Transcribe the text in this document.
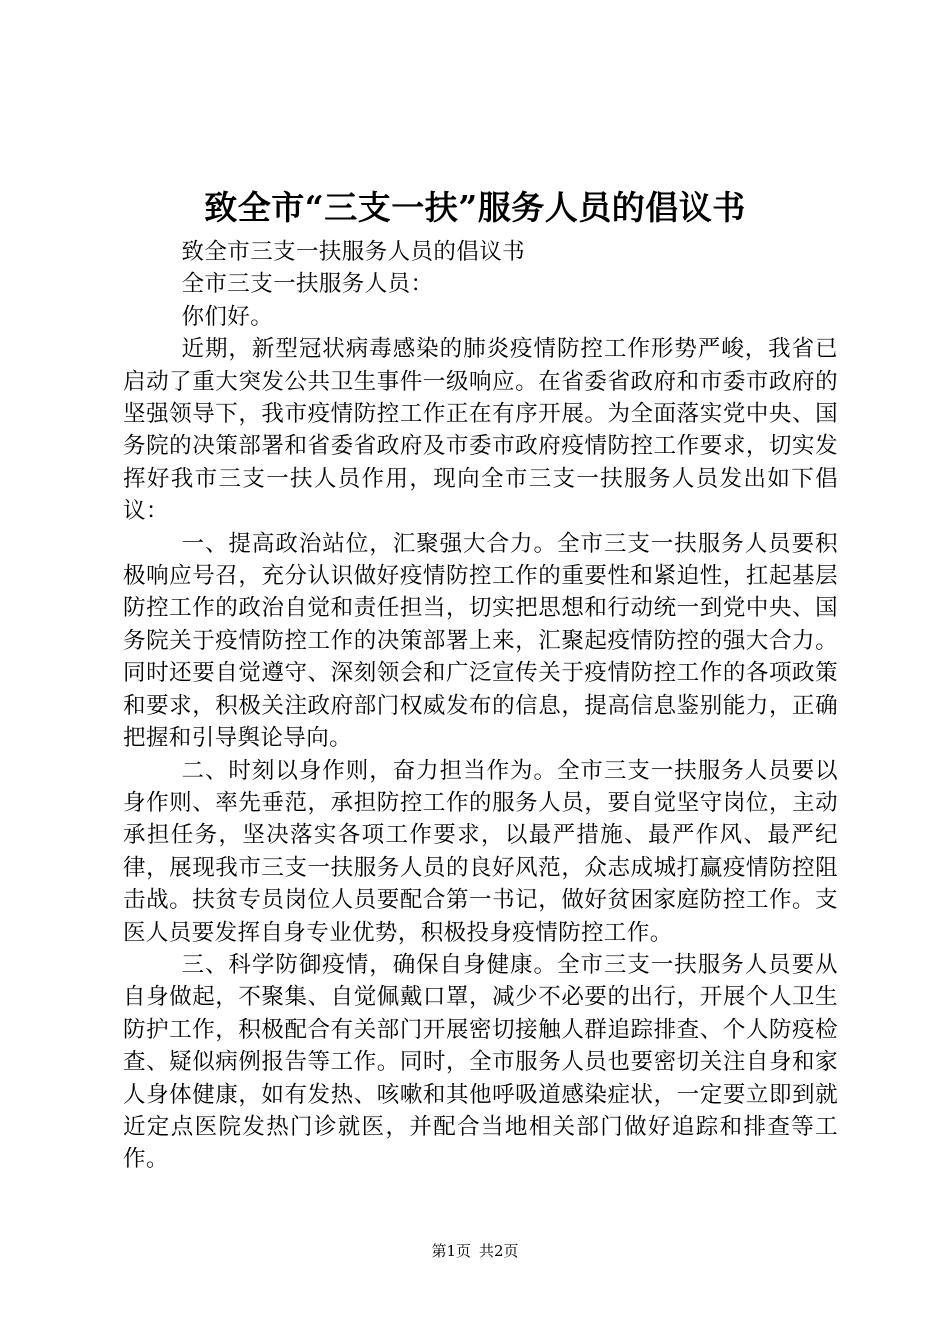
致全市“三支一扶”服务人员的倡议书

致全市三支一扶服务人员的倡议书

全市三支一扶服务人员：

你们好。

近期，新型冠状病毒感染的肺炎疫情防控工作形势严峻，我省已启动了重大突发公共卫生事件一级响应。在省委省政府和市委市政府的坚强领导下，我市疫情防控工作正在有序开展。为全面落实党中央、国务院的决策部署和省委省政府及市委市政府疫情防控工作要求，切实发挥好我市三支一扶人员作用，现向全市三支一扶服务人员发出如下倡议：

一、提高政治站位，汇聚强大合力。全市三支一扶服务人员要积极响应号召，充分认识做好疫情防控工作的重要性和紧迫性，扛起基层防控工作的政治自觉和责任担当，切实把思想和行动统一到党中央、国务院关于疫情防控工作的决策部署上来，汇聚起疫情防控的强大合力。同时还要自觉遵守、深刻领会和广泛宣传关于疫情防控工作的各项政策和要求，积极关注政府部门权威发布的信息，提高信息鉴别能力，正确把握和引导舆论导向。

二、时刻以身作则，奋力担当作为。全市三支一扶服务人员要以身作则、率先垂范，承担防控工作的服务人员，要自觉坚守岗位，主动承担任务，坚决落实各项工作要求，以最严措施、最严作风、最严纪律，展现我市三支一扶服务人员的良好风范，众志成城打赢疫情防控阻击战。扶贫专员岗位人员要配合第一书记，做好贫困家庭防控工作。支医人员要发挥自身专业优势，积极投身疫情防控工作。

三、科学防御疫情，确保自身健康。全市三支一扶服务人员要从自身做起，不聚集、自觉佩戴口罩，减少不必要的出行，开展个人卫生防护工作，积极配合有关部门开展密切接触人群追踪排查、个人防疫检查、疑似病例报告等工作。同时，全市服务人员也要密切关注自身和家人身体健康，如有发热、咳嗽和其他呼吸道感染症状，一定要立即到就近定点医院发热门诊就医，并配合当地相关部门做好追踪和排查等工作。

第1页 共2页
